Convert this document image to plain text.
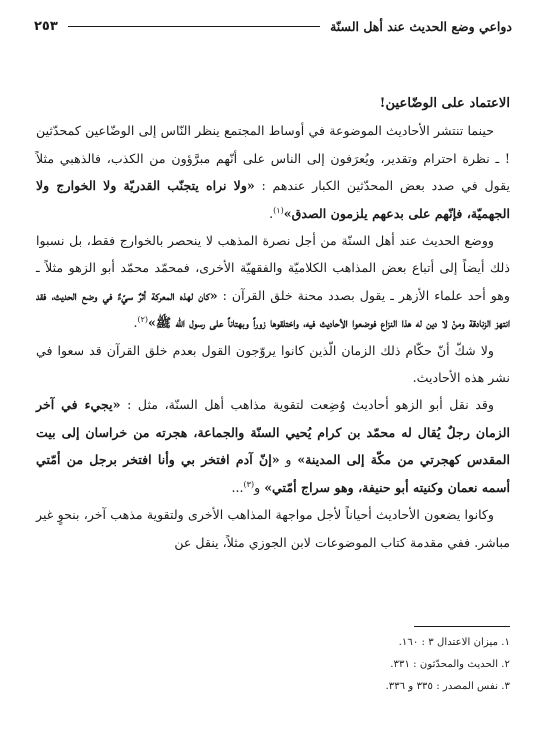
دواعي وضع الحديث عند أهل السنّة
٢٥٣
الاعتماد على الوضّاعين!

حينما تنتشر الأحاديث الموضوعة في أوساط المجتمع ينظر النّاس إلى الوضّاعين كمحدّثين ! ـ نظرة احترام وتقدير، ويُعرَفون إلى الناس على أنّهم مبرَّؤون من الكذب، فالذهبي مثلاً يقول في صدد بعض المحدّثين الكبار عندهم : «ولا نراه يتجنّب القدريّة ولا الخوارج ولا الجهميّة، فإنّهم على بدعهم يلزمون الصدق»$^{(١)}$.

ووضع الحديث عند أهل السنّة من أجل نصرة المذهب لا ينحصر بالخوارج فقط، بل نسبوا ذلك أيضاً إلى أتباع بعض المذاهب الكلاميّة والفقهيّة الأخرى، فمحمّد محمّد أبو الزهو مثلاً ـ وهو أحد علماء الأزهر ـ يقول بصدد محنة خلق القرآن : «كان لهذه المعركة أثرٌ سيّءٌ في وضع الحديث، فقد انتهز الزنادقة ومنْ لا دين له هذا النزاع فوضعوا الأحاديث فيه، واختلقوها زوراً وبهتاناً على رسول الله ﷺ»$^{(٢)}$.

ولا شكّ أنّ حكّام ذلك الزمان الّذين كانوا يروّجون القول بعدم خلق القرآن قد سعوا في نشر هذه الأحاديث.

وقد نقل أبو الزهو أحاديث وُضِعت لتقوية مذاهب أهل السنّة، مثل : «يجيء في آخر الزمان رجلٌ يُقال له محمّد بن كرام يُحيي السنّة والجماعة، هجرته من خراسان إلى بيت المقدس كهجرتي من مكّة إلى المدينة» و «إنّ آدم افتخر بي وأنا افتخر برجل من أمّتي أسمه نعمان وكنيته أبو حنيفة، وهو سراج أمّتي» و$^{(٣)}$...

وكانوا يضعون الأحاديث أحياناً لأجل مواجهة المذاهب الأخرى ولتقوية مذهب آخر، بنحوٍ غير مباشر. ففي مقدمة كتاب الموضوعات لابن الجوزي مثلاً، ينقل عن

١. ميزان الاعتدال ٣ : ١٦٠.
٢. الحديث والمحدّثون : ٣٣١.
٣. نفس المصدر : ٣٣٥ و ٣٣٦.
